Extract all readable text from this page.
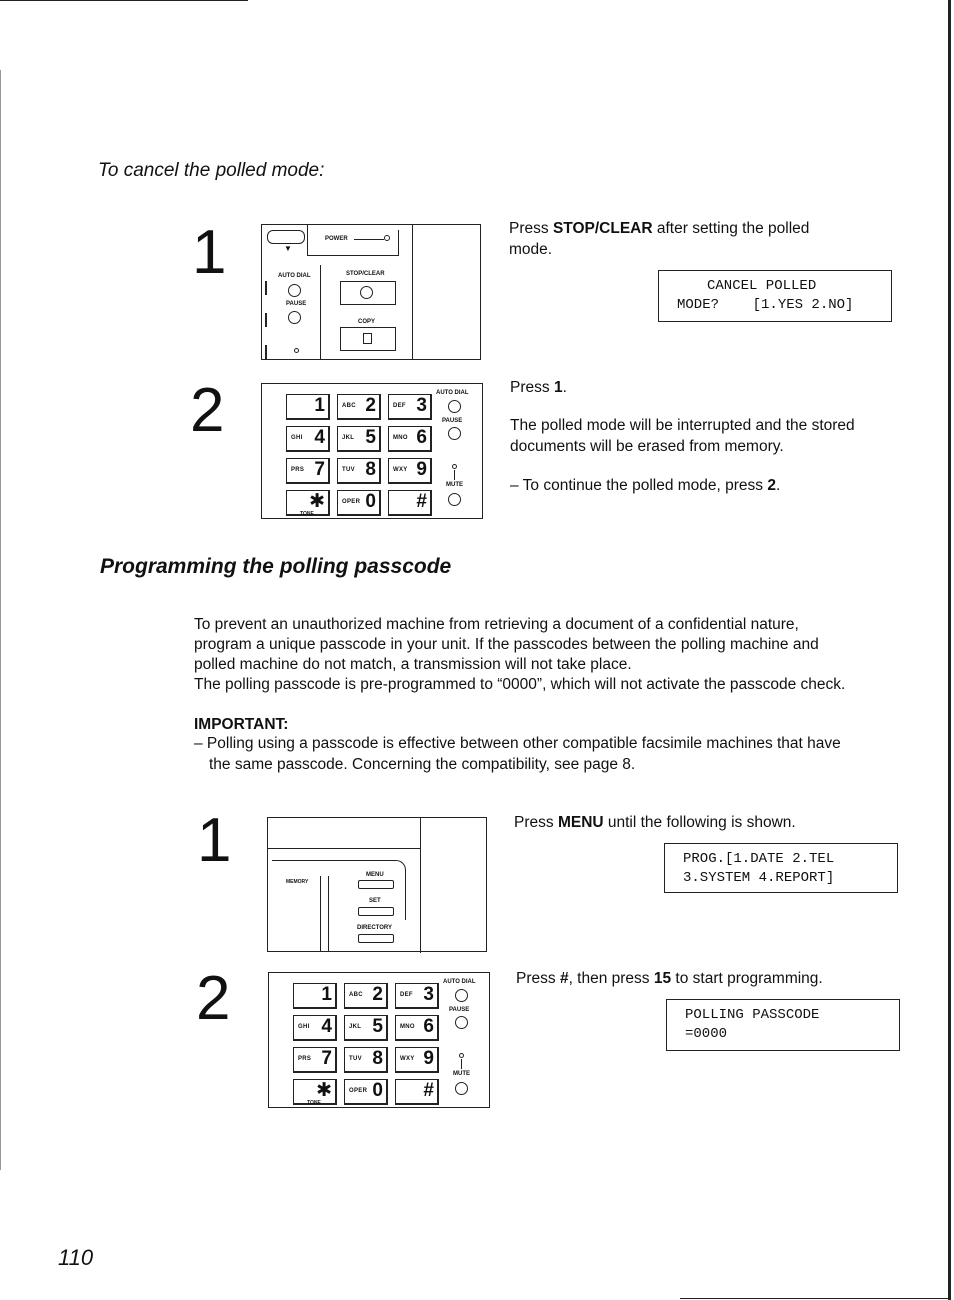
To cancel the polled mode:
1	▼
POWER
AUTO DIAL
PAUSE
STOP/CLEAR
COPY
Press STOP/CLEAR after setting the polled mode.
CANCEL POLLED
MODE?    [1.YES 2.NO]
2	1	ABC 2	DEF 3
GHI 4	JKL 5	MNO 6
PRS 7	TUV 8	WXY 9
✱	OPER 0	#
AUTO DIAL
PAUSE
MUTE
TONE
Press 1.
The polled mode will be interrupted and the stored documents will be erased from memory.
– To continue the polled mode, press 2.
Programming the polling passcode
To prevent an unauthorized machine from retrieving a document of a confidential nature,
program a unique passcode in your unit. If the passcodes between the polling machine and
polled machine do not match, a transmission will not take place.
The polling passcode is pre-programmed to “0000”, which will not activate the passcode check.
IMPORTANT:
– Polling using a passcode is effective between other compatible facsimile machines that have
the same passcode. Concerning the compatibility, see page 8.
1
MEMORY
MENU
SET
DIRECTORY
Press MENU until the following is shown.
PROG.[1.DATE 2.TEL
3.SYSTEM 4.REPORT]
2	1	ABC 2	DEF 3
GHI 4	JKL 5	MNO 6
PRS 7	TUV 8	WXY 9
✱	OPER 0	#
AUTO DIAL
PAUSE
MUTE
TONE
Press #, then press 15 to start programming.
POLLING PASSCODE
=0000
110
